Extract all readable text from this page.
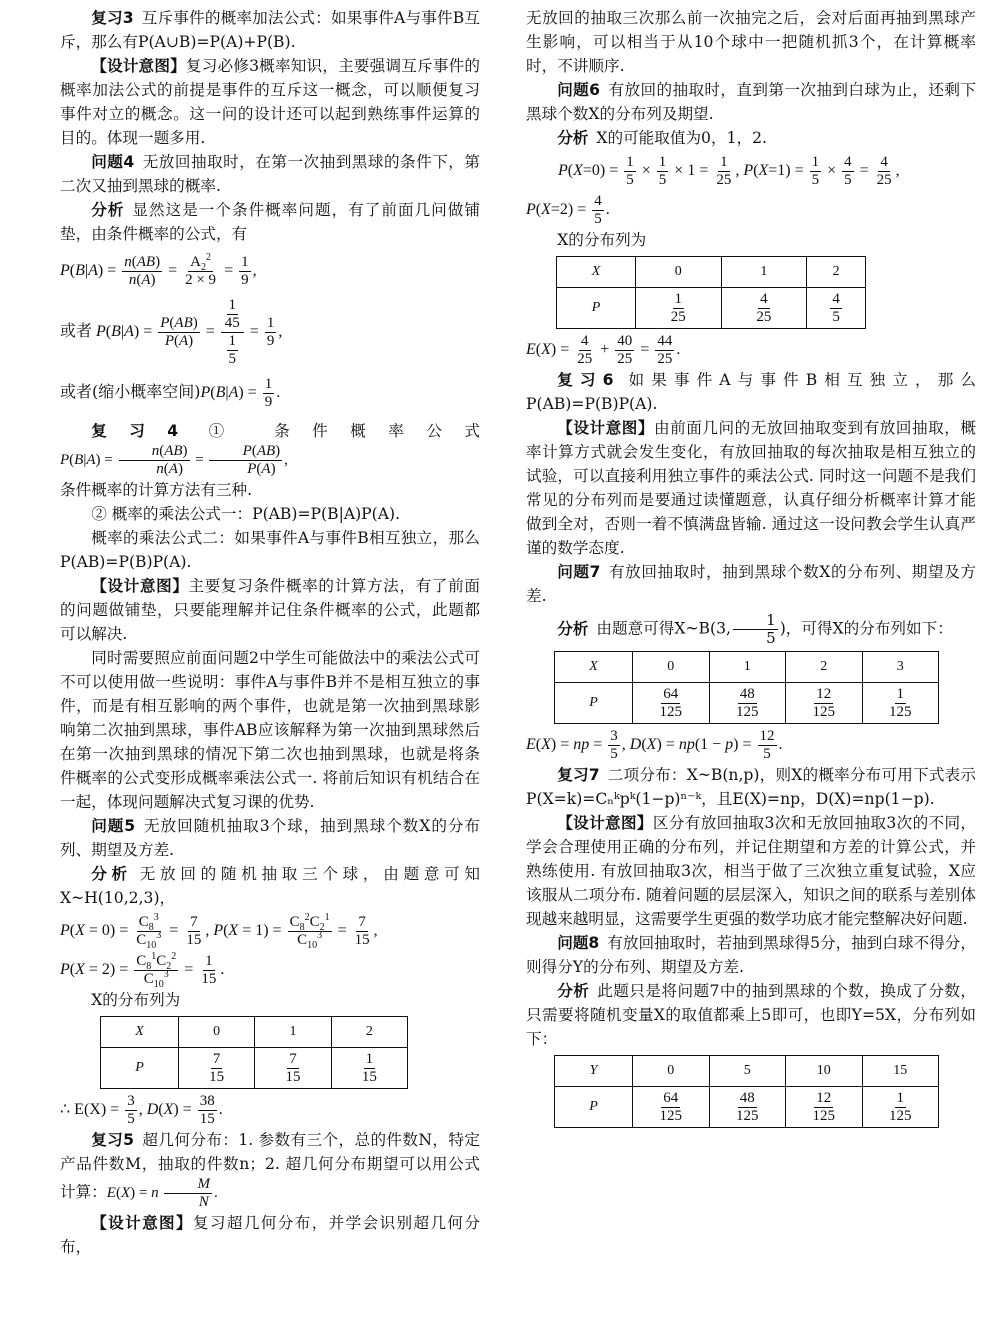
复习3 互斥事件的概率加法公式：如果事件A与事件B互斥，那么有P(A∪B)=P(A)+P(B).

【设计意图】复习必修3概率知识，主要强调互斥事件的概率加法公式的前提是事件的互斥这一概念，可以顺便复习事件对立的概念。这一问的设计还可以起到熟练事件运算的目的。体现一题多用.

问题4 无放回抽取时，在第一次抽到黑球的条件下，第二次又抽到黑球的概率.

分析 显然这是一个条件概率问题，有了前面几问做铺垫，由条件概率的公式，有

$P(B|A) = \frac{n(AB)}{n(A)} = \frac{A_2^2}{2 \times 9} = \frac{1}{9}$ ,
或者 $P(B|A) = \frac{P(AB)}{P(A)} = \frac{\frac{1}{45}}{\frac{1}{5}} = \frac{1}{9}$ ,
或者(缩小概率空间)$P(B|A) = \frac{1}{9}$ .

复习4 ① 条件概率公式 $P(B|A) = \frac{n(AB)}{n(A)} = \frac{P(AB)}{P(A)}$ ,

条件概率的计算方法有三种.

② 概率的乘法公式一：P(AB)=P(B|A)P(A).

概率的乘法公式二：如果事件A与事件B相互独立，那么P(AB)=P(B)P(A).

【设计意图】主要复习条件概率的计算方法，有了前面的问题做铺垫，只要能理解并记住条件概率的公式，此题都可以解决.

同时需要照应前面问题2中学生可能做法中的乘法公式可不可以使用做一些说明：事件A与事件B并不是相互独立的事件，而是有相互影响的两个事件，也就是第一次抽到黑球影响第二次抽到黑球，事件AB应该解释为第一次抽到黑球然后在第一次抽到黑球的情况下第二次也抽到黑球，也就是将条件概率的公式变形成概率乘法公式一. 将前后知识有机结合在一起，体现问题解决式复习课的优势.

问题5 无放回随机抽取3个球，抽到黑球个数X的分布列、期望及方差.

分析 无放回的随机抽取三个球，由题意可知X~H(10,2,3)，

$P(X = 0) = \frac{C_8^3}{C_{10}^3} = \frac{7}{15}$ , $P(X = 1) = \frac{C_8^2C_2^1}{C_{10}^3} = \frac{7}{15}$ ,
$P(X = 2) = \frac{C_8^1C_2^2}{C_{10}^3} = \frac{1}{15}$ .

X的分布列为

X	0	1	2
P	$\frac{7}{15}$	$\frac{7}{15}$	$\frac{1}{15}$
∴ $E(X) = \frac{3}{5}$ , $D(X) = \frac{38}{15}$ .

复习5 超几何分布：1. 参数有三个，总的件数N，特定产品件数M，抽取的件数n；2. 超几何分布期望可以用公式计算：E(X) = n $\frac{M}{N}$ .

【设计意图】复习超几何分布，并学会识别超几何分布，

无放回的抽取三次那么前一次抽完之后，会对后面再抽到黑球产生影响，可以相当于从10个球中一把随机抓3个，在计算概率时，不讲顺序.

问题6 有放回的抽取时，直到第一次抽到白球为止，还剩下黑球个数X的分布列及期望.

分析 X的可能取值为0，1，2.

$P(X=0) = \frac{1}{5} \times \frac{1}{5} \times 1 = \frac{1}{25}$ , $P(X=1) = \frac{1}{5} \times \frac{4}{5} = \frac{4}{25}$ ,
$P(X=2) = \frac{4}{5}$ .

X的分布列为

X	0	1	2
P	$\frac{1}{25}$	$\frac{4}{25}$	$\frac{4}{5}$
$E(X) = \frac{4}{25} + \frac{40}{25} = \frac{44}{25}$ .

复习6 如果事件A与事件B相互独立，那么P(AB)=P(B)P(A).

【设计意图】由前面几问的无放回抽取变到有放回抽取，概率计算方式就会发生变化，有放回抽取的每次抽取是相互独立的试验，可以直接利用独立事件的乘法公式. 同时这一问题不是我们常见的分布列而是要通过读懂题意，认真仔细分析概率计算才能做到全对，否则一着不慎满盘皆输. 通过这一设问教会学生认真严谨的数学态度.

问题7 有放回抽取时，抽到黑球个数X的分布列、期望及方差.

分析 由题意可得X~B(3, $\frac{1}{5}$ )，可得X的分布列如下：

X	0	1	2	3
P	$\frac{64}{125}$	$\frac{48}{125}$	$\frac{12}{125}$	$\frac{1}{125}$
E(X) = np = $\frac{3}{5}$ , $D(X) = np(1 - p) = \frac{12}{5}$ .

复习7 二项分布：X~B(n,p)，则X的概率分布可用下式表示P(X=k)=Cₙᵏpᵏ(1−p)ⁿ⁻ᵏ，且E(X)=np，D(X)=np(1−p).

【设计意图】区分有放回抽取3次和无放回抽取3次的不同，学会合理使用正确的分布列，并记住期望和方差的计算公式，并熟练使用. 有放回抽取3次，相当于做了三次独立重复试验，X应该服从二项分布. 随着问题的层层深入，知识之间的联系与差别体现越来越明显，这需要学生更强的数学功底才能完整解决好问题.

问题8 有放回抽取时，若抽到黑球得5分，抽到白球不得分，则得分Y的分布列、期望及方差.

分析 此题只是将问题7中的抽到黑球的个数，换成了分数，只需要将随机变量X的取值都乘上5即可，也即Y=5X，分布列如下：

Y	0	5	10	15
P	$\frac{64}{125}$	$\frac{48}{125}$	$\frac{12}{125}$	$\frac{1}{125}$
